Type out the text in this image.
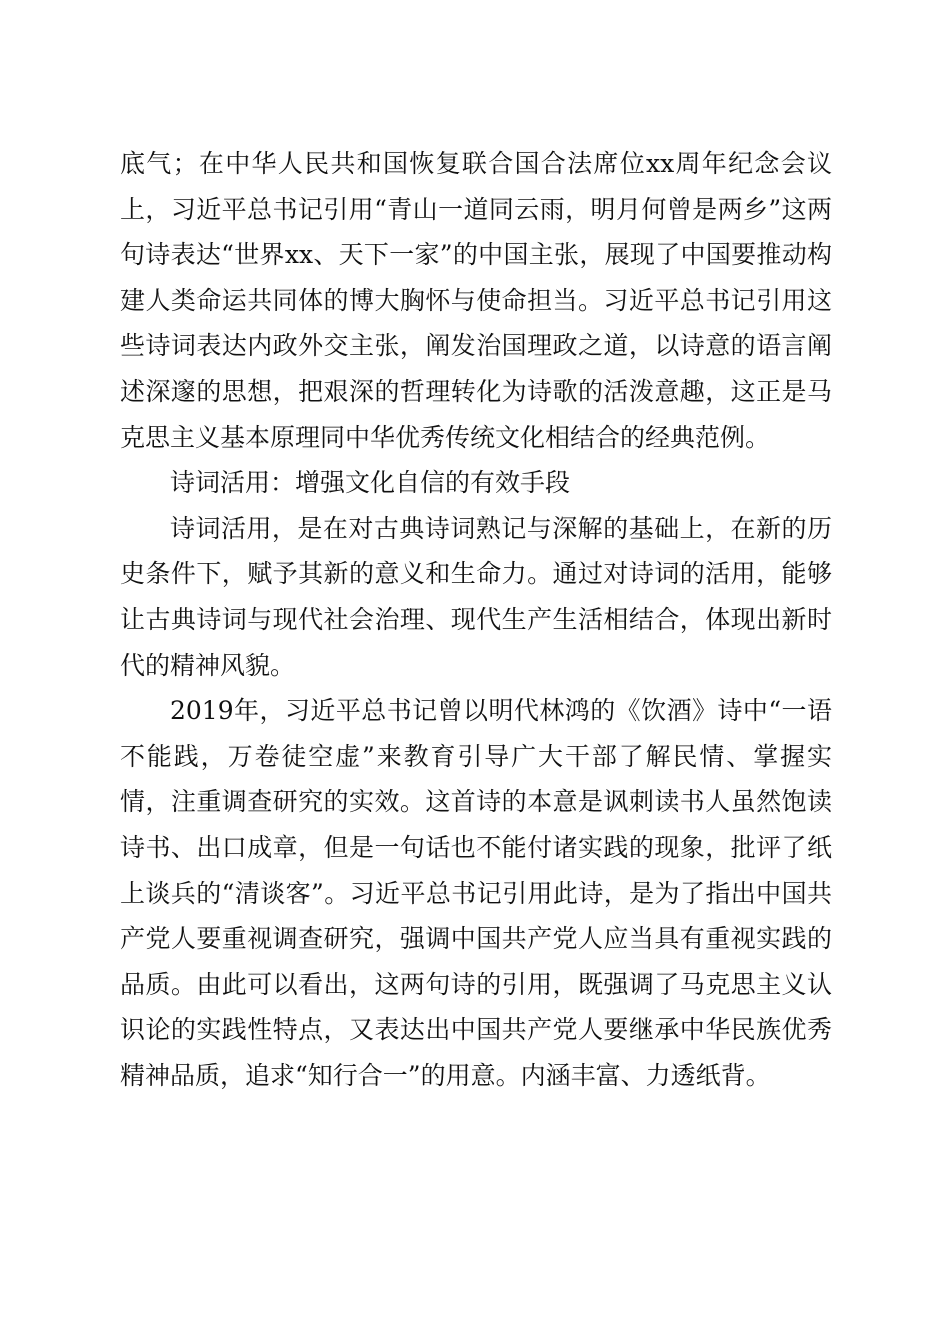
底气；在中华人民共和国恢复联合国合法席位xx周年纪念会议上，习近平总书记引用“青山一道同云雨，明月何曾是两乡”这两句诗表达“世界xx、天下一家”的中国主张，展现了中国要推动构建人类命运共同体的博大胸怀与使命担当。习近平总书记引用这些诗词表达内政外交主张，阐发治国理政之道，以诗意的语言阐述深邃的思想，把艰深的哲理转化为诗歌的活泼意趣，这正是马克思主义基本原理同中华优秀传统文化相结合的经典范例。

诗词活用：增强文化自信的有效手段

诗词活用，是在对古典诗词熟记与深解的基础上，在新的历史条件下，赋予其新的意义和生命力。通过对诗词的活用，能够让古典诗词与现代社会治理、现代生产生活相结合，体现出新时代的精神风貌。

2019年，习近平总书记曾以明代林鸿的《饮酒》诗中“一语不能践，万卷徒空虚”来教育引导广大干部了解民情、掌握实情，注重调查研究的实效。这首诗的本意是讽刺读书人虽然饱读诗书、出口成章，但是一句话也不能付诸实践的现象，批评了纸上谈兵的“清谈客”。习近平总书记引用此诗，是为了指出中国共产党人要重视调查研究，强调中国共产党人应当具有重视实践的品质。由此可以看出，这两句诗的引用，既强调了马克思主义认识论的实践性特点，又表达出中国共产党人要继承中华民族优秀精神品质，追求“知行合一”的用意。内涵丰富、力透纸背。
